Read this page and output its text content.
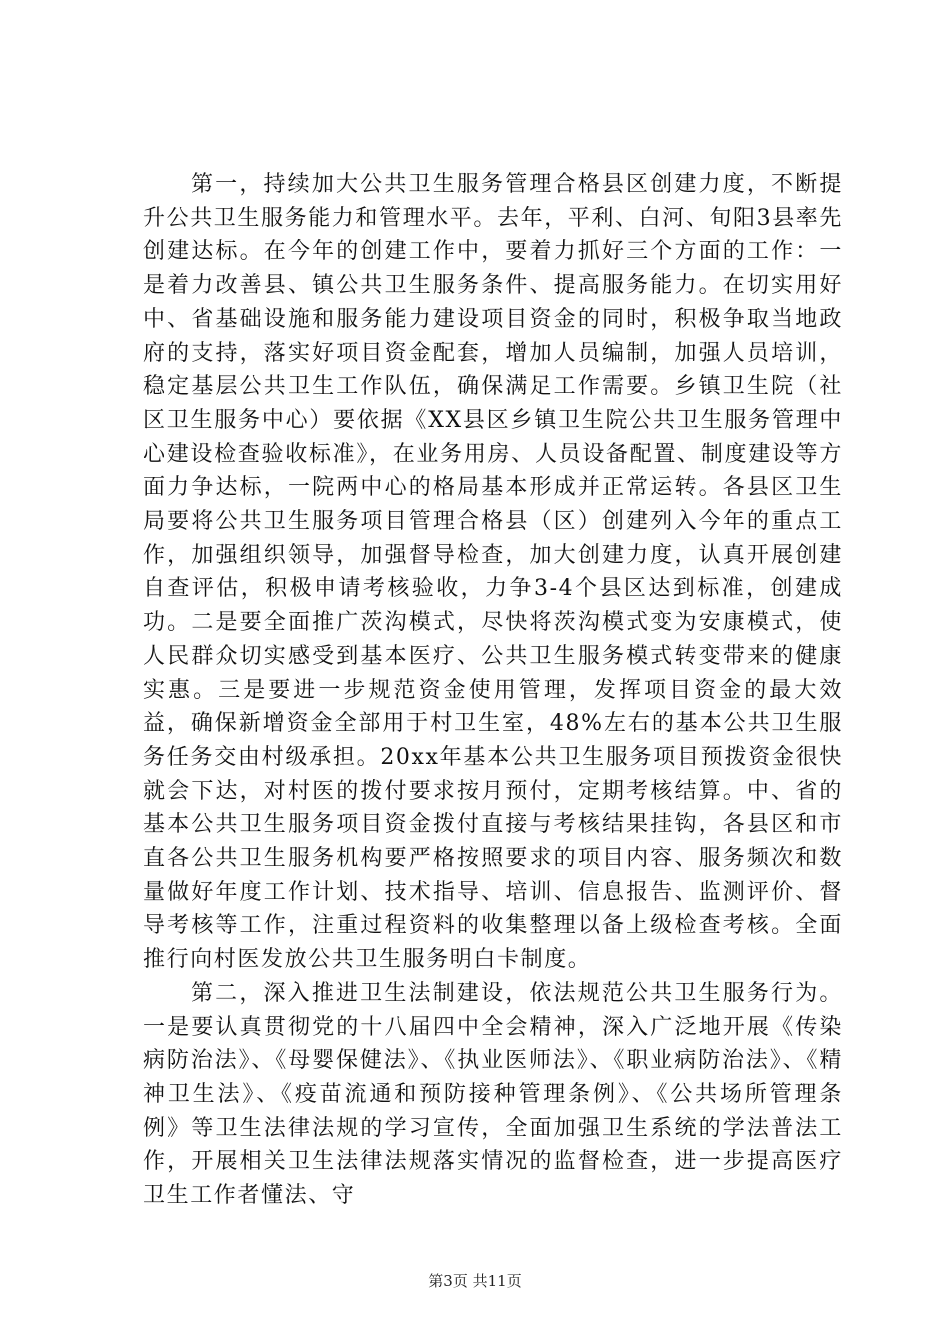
第一，持续加大公共卫生服务管理合格县区创建力度，不断提升公共卫生服务能力和管理水平。去年，平利、白河、旬阳3县率先创建达标。在今年的创建工作中，要着力抓好三个方面的工作：一是着力改善县、镇公共卫生服务条件、提高服务能力。在切实用好中、省基础设施和服务能力建设项目资金的同时，积极争取当地政府的支持，落实好项目资金配套，增加人员编制，加强人员培训，稳定基层公共卫生工作队伍，确保满足工作需要。乡镇卫生院（社区卫生服务中心）要依据《XX县区乡镇卫生院公共卫生服务管理中心建设检查验收标准》，在业务用房、人员设备配置、制度建设等方面力争达标，一院两中心的格局基本形成并正常运转。各县区卫生局要将公共卫生服务项目管理合格县（区）创建列入今年的重点工作，加强组织领导，加强督导检查，加大创建力度，认真开展创建自查评估，积极申请考核验收，力争3-4个县区达到标准，创建成功。二是要全面推广茨沟模式，尽快将茨沟模式变为安康模式，使人民群众切实感受到基本医疗、公共卫生服务模式转变带来的健康实惠。三是要进一步规范资金使用管理，发挥项目资金的最大效益，确保新增资金全部用于村卫生室，48%左右的基本公共卫生服务任务交由村级承担。20xx年基本公共卫生服务项目预拨资金很快就会下达，对村医的拨付要求按月预付，定期考核结算。中、省的基本公共卫生服务项目资金拨付直接与考核结果挂钩，各县区和市直各公共卫生服务机构要严格按照要求的项目内容、服务频次和数量做好年度工作计划、技术指导、培训、信息报告、监测评价、督导考核等工作，注重过程资料的收集整理以备上级检查考核。全面推行向村医发放公共卫生服务明白卡制度。

第二，深入推进卫生法制建设，依法规范公共卫生服务行为。一是要认真贯彻党的十八届四中全会精神，深入广泛地开展《传染病防治法》、《母婴保健法》、《执业医师法》、《职业病防治法》、《精神卫生法》、《疫苗流通和预防接种管理条例》、《公共场所管理条例》等卫生法律法规的学习宣传，全面加强卫生系统的学法普法工作，开展相关卫生法律法规落实情况的监督检查，进一步提高医疗卫生工作者懂法、守

第3页 共11页
